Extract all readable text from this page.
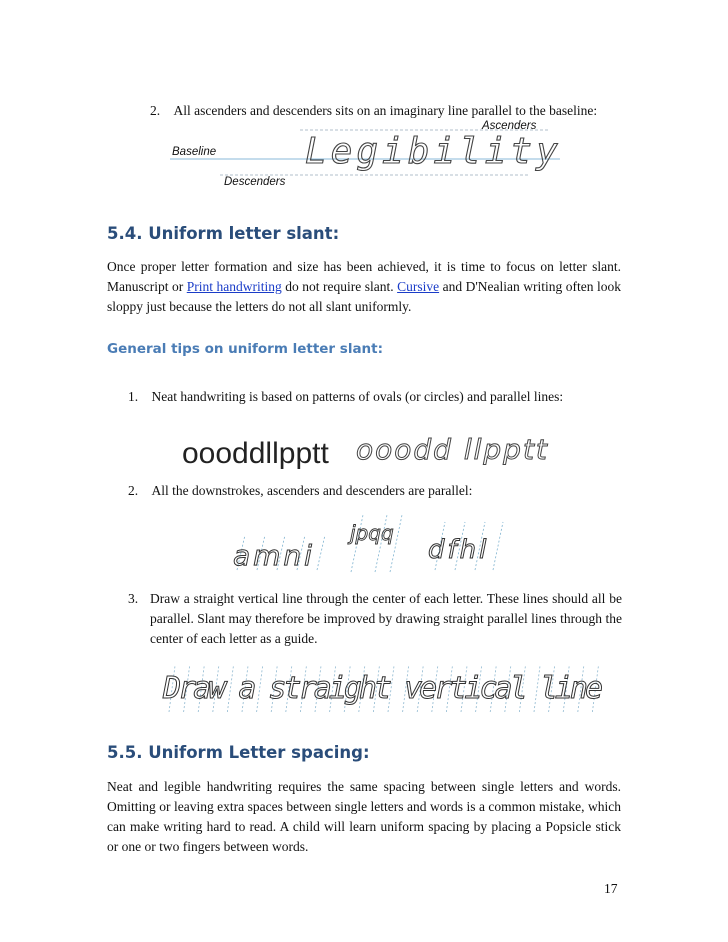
2. All ascenders and descenders sits on an imaginary line parallel to the baseline:
Legibility
Ascenders
Baseline
Descenders
5.4. Uniform letter slant:
Once proper letter formation and size has been achieved, it is time to focus on letter slant. Manuscript or Print handwriting do not require slant. Cursive and D'Nealian writing often look sloppy just because the letters do not all slant uniformly.
General tips on uniform letter slant:
1. Neat handwriting is based on patterns of ovals (or circles) and parallel lines:
oooddllpptt ooodd llpptt
2. All the downstrokes, ascenders and descenders are parallel:
amni
jpqq
dfhl
3. Draw a straight vertical line through the center of each letter. These lines should all be parallel. Slant may therefore be improved by drawing straight parallel lines through the center of each letter as a guide.
Draw a straight vertical line
5.5. Uniform Letter spacing:
Neat and legible handwriting requires the same spacing between single letters and words. Omitting or leaving extra spaces between single letters and words is a common mistake, which can make writing hard to read. A child will learn uniform spacing by placing a Popsicle stick or one or two fingers between words.
17
